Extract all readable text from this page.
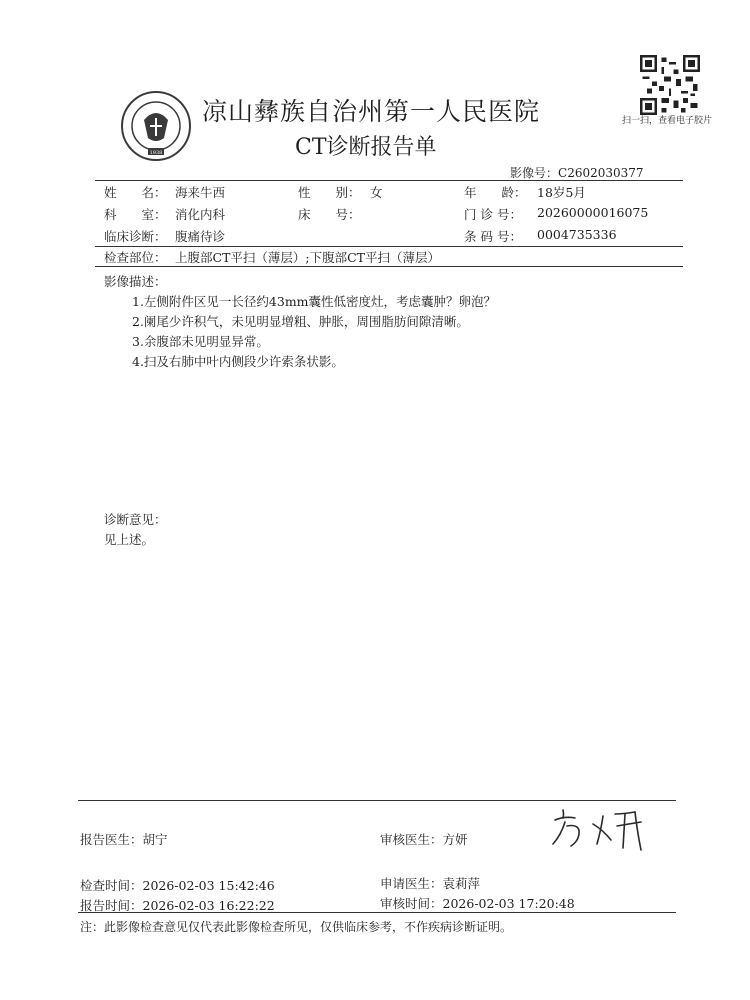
1938
凉山彝族自治州第一人民医院
CT诊断报告单
扫一扫，查看电子胶片
影像号：C2602030377
姓　　名： 海来牛西	性　　别： 女	年　　龄： 18岁5月
科　　室： 消化内科	床　　号：	门 诊 号： 20260000016075
临床诊断： 腹痛待诊	条 码 号： 0004735336
检查部位： 上腹部CT平扫（薄层）;下腹部CT平扫（薄层）
影像描述：
1.左侧附件区见一长径约43mm囊性低密度灶，考虑囊肿？卵泡？
2.阑尾少许积气，未见明显增粗、肿胀，周围脂肪间隙清晰。
3.余腹部未见明显异常。
4.扫及右肺中叶内侧段少许索条状影。
诊断意见：
见上述。
报告医生：胡宁	审核医生：方妍
检查时间：2026-02-03 15:42:46	申请医生：袁莉萍
报告时间：2026-02-03 16:22:22	审核时间：2026-02-03 17:20:48
注：此影像检查意见仅代表此影像检查所见，仅供临床参考，不作疾病诊断证明。
